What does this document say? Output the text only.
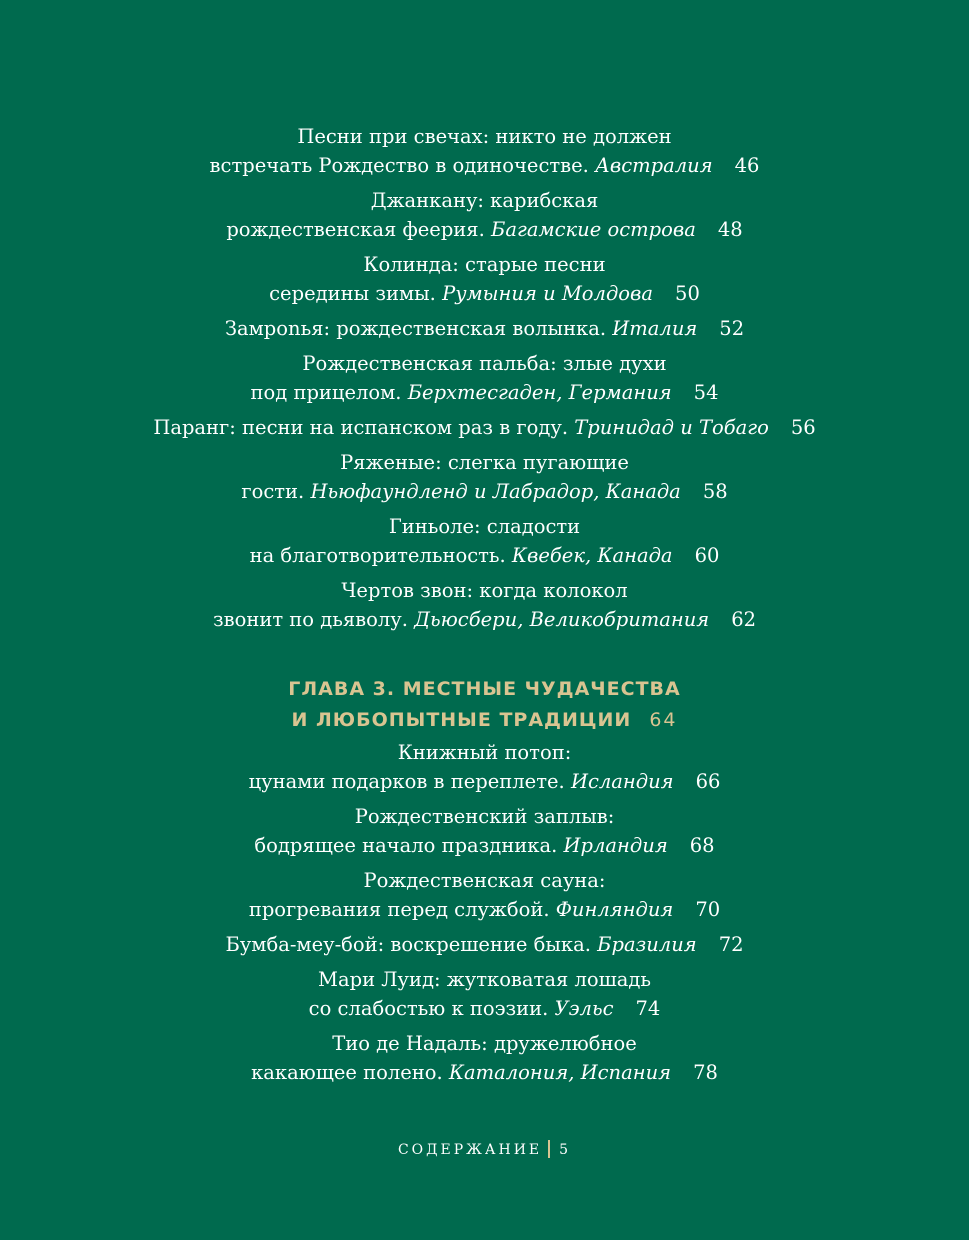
Песни при свечах: никто не должен
встречать Рождество в одиночестве. Австралия 46
Джанкану: карибская
рождественская феерия. Багамские острова 48
Колинда: старые песни
середины зимы. Румыния и Молдова 50
Замponья: рождественская волынка. Италия 52
Рождественская пальба: злые духи
под прицелом. Берхтесгаден, Германия 54
Паранг: песни на испанском раз в году. Тринидад и Тобаго 56
Ряженые: слегка пугающие
гости. Ньюфаундленд и Лабрадор, Канада 58
Гиньоле: сладости
на благотворительность. Квебек, Канада 60
Чертов звон: когда колокол
звонит по дьяволу. Дьюсбери, Великобритания 62
ГЛАВА 3. МЕСТНЫЕ ЧУДАЧЕСТВА
И ЛЮБОПЫТНЫЕ ТРАДИЦИИ 64
Книжный потоп:
цунами подарков в переплете. Исландия 66
Рождественский заплыв:
бодрящее начало праздника. Ирландия 68
Рождественская сауна:
прогревания перед службой. Финляндия 70
Бумба-меу-бой: воскрешение быка. Бразилия 72
Мари Луид: жутковатая лошадь
со слабостью к поэзии. Уэльс 74
Тио де Надаль: дружелюбное
какающее полено. Каталония, Испания 78
СОДЕРЖАНИЕ 5
